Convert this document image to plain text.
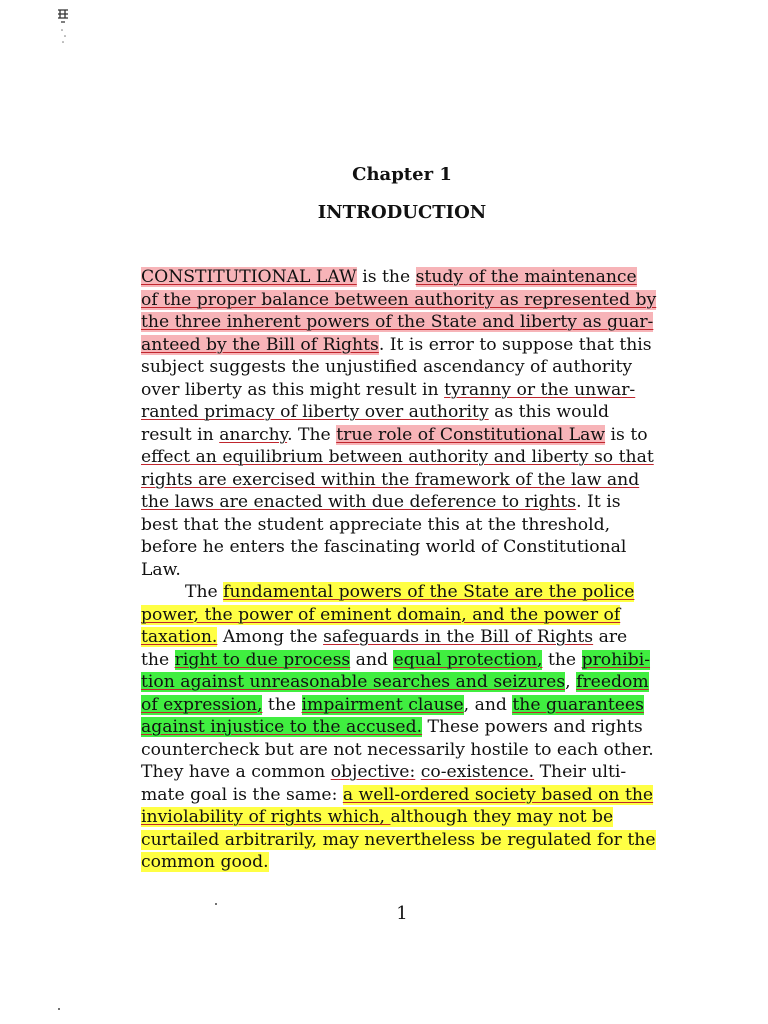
Chapter 1
INTRODUCTION
CONSTITUTIONAL LAW is the study of the maintenance
of the proper balance between authority as represented by
the three inherent powers of the State and liberty as guar-
anteed by the Bill of Rights. It is error to suppose that this
subject suggests the unjustified ascendancy of authority
over liberty as this might result in tyranny or the unwar-
ranted primacy of liberty over authority as this would
result in anarchy. The true role of Constitutional Law is to
effect an equilibrium between authority and liberty so that
rights are exercised within the framework of the law and
the laws are enacted with due deference to rights. It is
best that the student appreciate this at the threshold,
before he enters the fascinating world of Constitutional
Law.
The fundamental powers of the State are the police
power, the power of eminent domain, and the power of
taxation. Among the safeguards in the Bill of Rights are
the right to due process and equal protection, the prohibi-
tion against unreasonable searches and seizures, freedom
of expression, the impairment clause, and the guarantees
against injustice to the accused. These powers and rights
countercheck but are not necessarily hostile to each other.
They have a common objective: co-existence. Their ulti-
mate goal is the same: a well-ordered society based on the
inviolability of rights which, although they may not be
curtailed arbitrarily, may nevertheless be regulated for the
common good.
1
